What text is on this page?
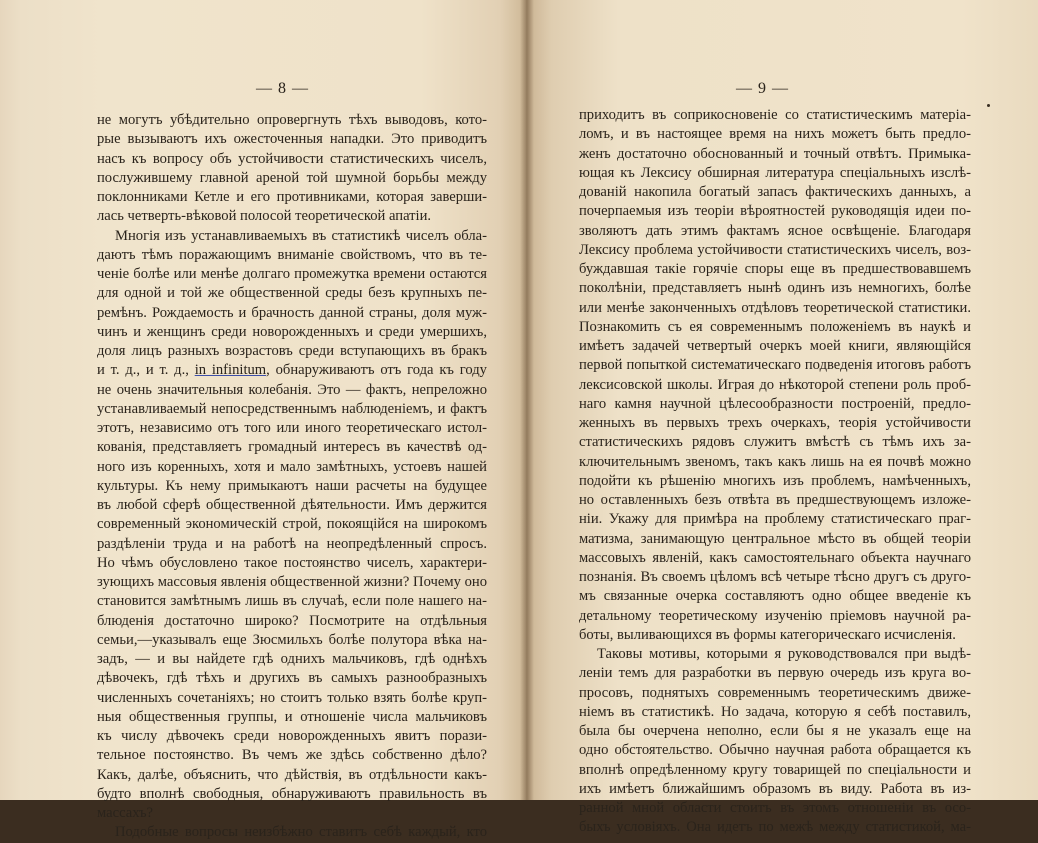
— 8 —
не могутъ убѣдительно опровергнуть тѣхъ выводовъ, кото-
рые вызываютъ ихъ ожесточенныя нападки. Это приводитъ
насъ къ вопросу объ устойчивости статистическихъ чиселъ,
послужившему главной ареной той шумной борьбы между
поклонниками Кетле и его противниками, которая заверши-
лась четверть-вѣковой полосой теоретической апатіи.
Многія изъ устанавливаемыхъ въ статистикѣ чиселъ обла-
даютъ тѣмъ поражающимъ вниманіе свойствомъ, что въ те-
ченіе болѣе или менѣе долгаго промежутка времени остаются
для одной и той же общественной среды безъ крупныхъ пе-
ремѣнъ. Рождаемость и брачность данной страны, доля муж-
чинъ и женщинъ среди новорожденныхъ и среди умершихъ,
доля лицъ разныхъ возрастовъ среди вступающихъ въ бракъ
и т. д., и т. д., in infinitum, обнаруживаютъ отъ года къ году
не очень значительныя колебанія. Это — фактъ, непреложно
устанавливаемый непосредственнымъ наблюденіемъ, и фактъ
этотъ, независимо отъ того или иного теоретическаго истол-
кованія, представляетъ громадный интересъ въ качествѣ од-
ного изъ коренныхъ, хотя и мало замѣтныхъ, устоевъ нашей
культуры. Къ нему примыкаютъ наши расчеты на будущее
въ любой сферѣ общественной дѣятельности. Имъ держится
современный экономическій строй, покоящійся на широкомъ
раздѣленіи труда и на работѣ на неопредѣленный спросъ.
Но чѣмъ обусловлено такое постоянство чиселъ, характери-
зующихъ массовыя явленія общественной жизни? Почему оно
становится замѣтнымъ лишь въ случаѣ, если поле нашего на-
блюденія достаточно широко? Посмотрите на отдѣльныя
семьи,—указывалъ еще Зюсмильхъ болѣе полутора вѣка на-
задъ, — и вы найдете гдѣ однихъ мальчиковъ, гдѣ однѣхъ
дѣвочекъ, гдѣ тѣхъ и другихъ въ самыхъ разнообразныхъ
численныхъ сочетаніяхъ; но стоитъ только взять болѣе круп-
ныя общественныя группы, и отношеніе числа мальчиковъ
къ числу дѣвочекъ среди новорожденныхъ явитъ порази-
тельное постоянство. Въ чемъ же здѣсь собственно дѣло?
Какъ, далѣе, объяснить, что дѣйствія, въ отдѣльности какъ-
будто вполнѣ свободныя, обнаруживаютъ правильность въ
массахъ?
Подобные вопросы неизбѣжно ставитъ себѣ каждый, кто
— 9 —
приходитъ въ соприкосновеніе со статистическимъ матеріа-
ломъ, и въ настоящее время на нихъ можетъ быть предло-
женъ достаточно обоснованный и точный отвѣтъ. Примыка-
ющая къ Лексису обширная литература спеціальныхъ изслѣ-
дованій накопила богатый запасъ фактическихъ данныхъ, а
почерпаемыя изъ теоріи вѣроятностей руководящія идеи по-
зволяютъ дать этимъ фактамъ ясное освѣщеніе. Благодаря
Лексису проблема устойчивости статистическихъ чиселъ, воз-
буждавшая такіе горячіе споры еще въ предшествовавшемъ
поколѣніи, представляетъ нынѣ одинъ изъ немногихъ, болѣе
или менѣе законченныхъ отдѣловъ теоретической статистики.
Познакомить съ ея современнымъ положеніемъ въ наукѣ и
имѣетъ задачей четвертый очеркъ моей книги, являющійся
первой попыткой систематическаго подведенія итоговъ работъ
лексисовской школы. Играя до нѣкоторой степени роль проб-
наго камня научной цѣлесообразности построеній, предло-
женныхъ въ первыхъ трехъ очеркахъ, теорія устойчивости
статистическихъ рядовъ служитъ вмѣстѣ съ тѣмъ ихъ за-
ключительнымъ звеномъ, такъ какъ лишь на ея почвѣ можно
подойти къ рѣшенію многихъ изъ проблемъ, намѣченныхъ,
но оставленныхъ безъ отвѣта въ предшествующемъ изложе-
ніи. Укажу для примѣра на проблему статистическаго праг-
матизма, занимающую центральное мѣсто въ общей теоріи
массовыхъ явленій, какъ самостоятельнаго объекта научнаго
познанія. Въ своемъ цѣломъ всѣ четыре тѣсно другъ съ друго-
мъ связанные очерка составляютъ одно общее введеніе къ
детальному теоретическому изученію пріемовъ научной ра-
боты, выливающихся въ формы категорическаго исчисленія.
Таковы мотивы, которыми я руководствовался при выдѣ-
леніи темъ для разработки въ первую очередь изъ круга во-
просовъ, поднятыхъ современнымъ теоретическимъ движе-
ніемъ въ статистикѣ. Но задача, которую я себѣ поставилъ,
была бы очерчена неполно, если бы я не указалъ еще на
одно обстоятельство. Обычно научная работа обращается къ
вполнѣ опредѣленному кругу товарищей по спеціальности и
ихъ имѣетъ ближайшимъ образомъ въ виду. Работа въ из-
ранной мной области стоитъ въ этомъ отношеніи въ осо-
быхъ условіяхъ. Она идетъ по межѣ между статистикой, ма-
